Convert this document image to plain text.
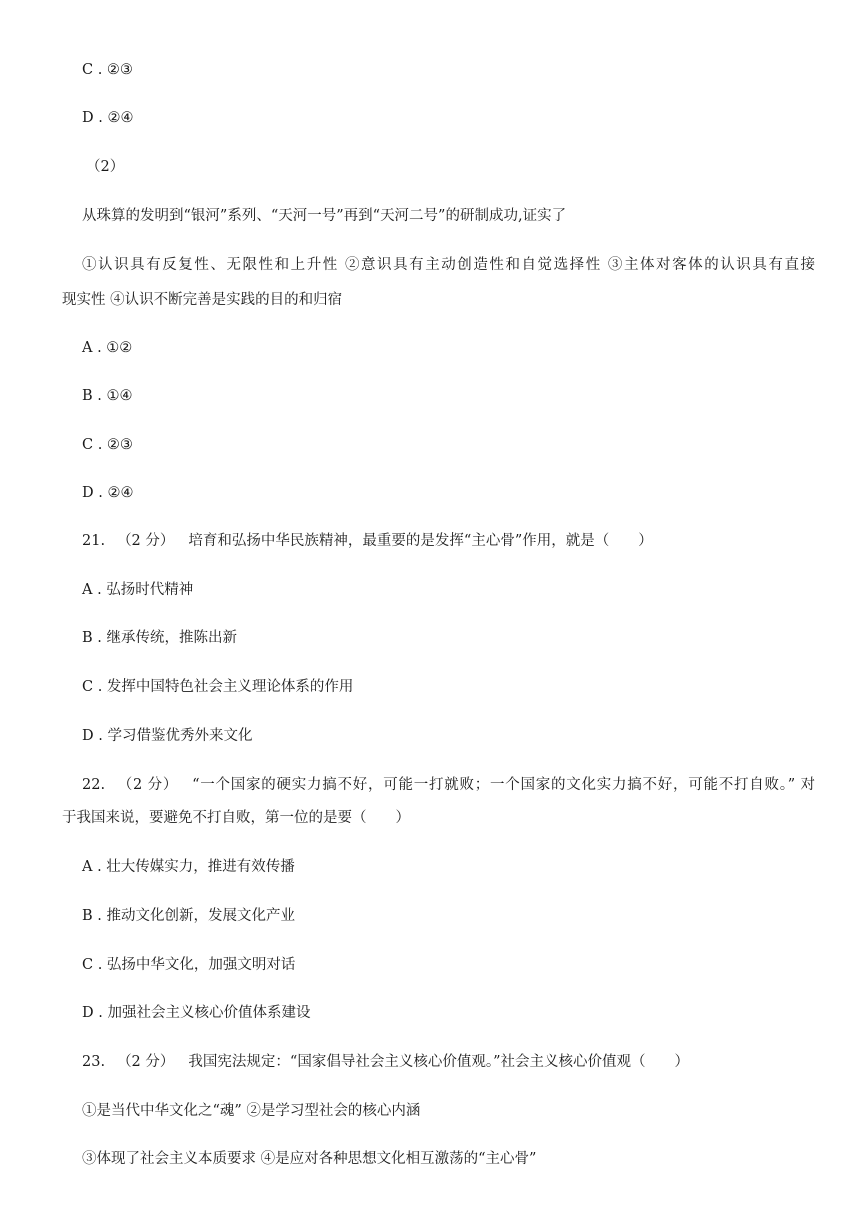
C . ②③
D . ②④
（2）
从珠算的发明到“银河”系列、“天河一号”再到“天河二号”的研制成功,证实了
①认识具有反复性、无限性和上升性 ②意识具有主动创造性和自觉选择性 ③主体对客体的认识具有直接
现实性 ④认识不断完善是实践的目的和归宿
A . ①②
B . ①④
C . ②③
D . ②④
21. （2 分） 培育和弘扬中华民族精神，最重要的是发挥“主心骨”作用，就是（　　）
A . 弘扬时代精神
B . 继承传统，推陈出新
C . 发挥中国特色社会主义理论体系的作用
D . 学习借鉴优秀外来文化
22. （2 分） “一个国家的硬实力搞不好，可能一打就败；一个国家的文化实力搞不好，可能不打自败。” 对
于我国来说，要避免不打自败，第一位的是要（　　）
A . 壮大传媒实力，推进有效传播
B . 推动文化创新，发展文化产业
C . 弘扬中华文化，加强文明对话
D . 加强社会主义核心价值体系建设
23. （2 分） 我国宪法规定：“国家倡导社会主义核心价值观。”社会主义核心价值观（　　）
①是当代中华文化之“魂” ②是学习型社会的核心内涵
③体现了社会主义本质要求 ④是应对各种思想文化相互激荡的“主心骨”
